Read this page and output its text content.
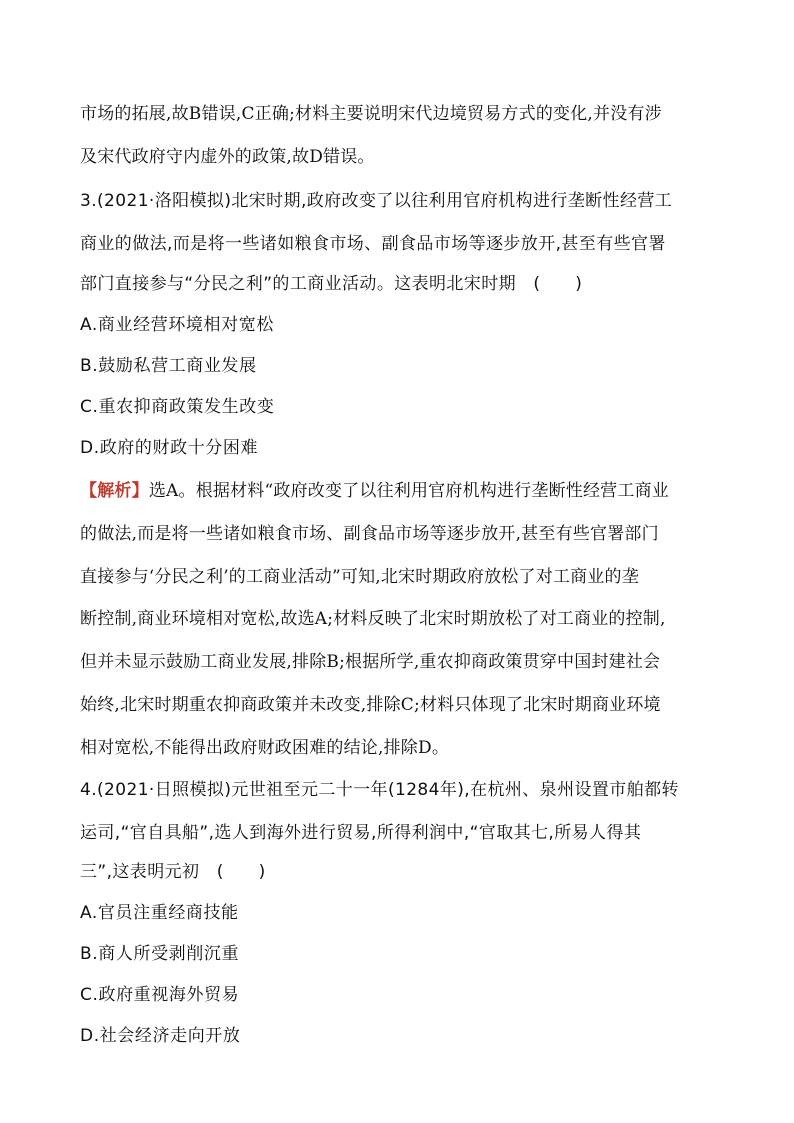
市场的拓展,故B错误,C正确;材料主要说明宋代边境贸易方式的变化,并没有涉
及宋代政府守内虚外的政策,故D错误。
3.(2021·洛阳模拟)北宋时期,政府改变了以往利用官府机构进行垄断性经营工
商业的做法,而是将一些诸如粮食市场、副食品市场等逐步放开,甚至有些官署
部门直接参与“分民之利”的工商业活动。这表明北宋时期　(　　)
A.商业经营环境相对宽松
B.鼓励私营工商业发展
C.重农抑商政策发生改变
D.政府的财政十分困难
【解析】选A。根据材料“政府改变了以往利用官府机构进行垄断性经营工商业
的做法,而是将一些诸如粮食市场、副食品市场等逐步放开,甚至有些官署部门
直接参与‘分民之利’的工商业活动”可知,北宋时期政府放松了对工商业的垄
断控制,商业环境相对宽松,故选A;材料反映了北宋时期放松了对工商业的控制,
但并未显示鼓励工商业发展,排除B;根据所学,重农抑商政策贯穿中国封建社会
始终,北宋时期重农抑商政策并未改变,排除C;材料只体现了北宋时期商业环境
相对宽松,不能得出政府财政困难的结论,排除D。
4.(2021·日照模拟)元世祖至元二十一年(1284年),在杭州、泉州设置市舶都转
运司,“官自具船”,选人到海外进行贸易,所得利润中,“官取其七,所易人得其
三”,这表明元初　(　　)
A.官员注重经商技能
B.商人所受剥削沉重
C.政府重视海外贸易
D.社会经济走向开放
